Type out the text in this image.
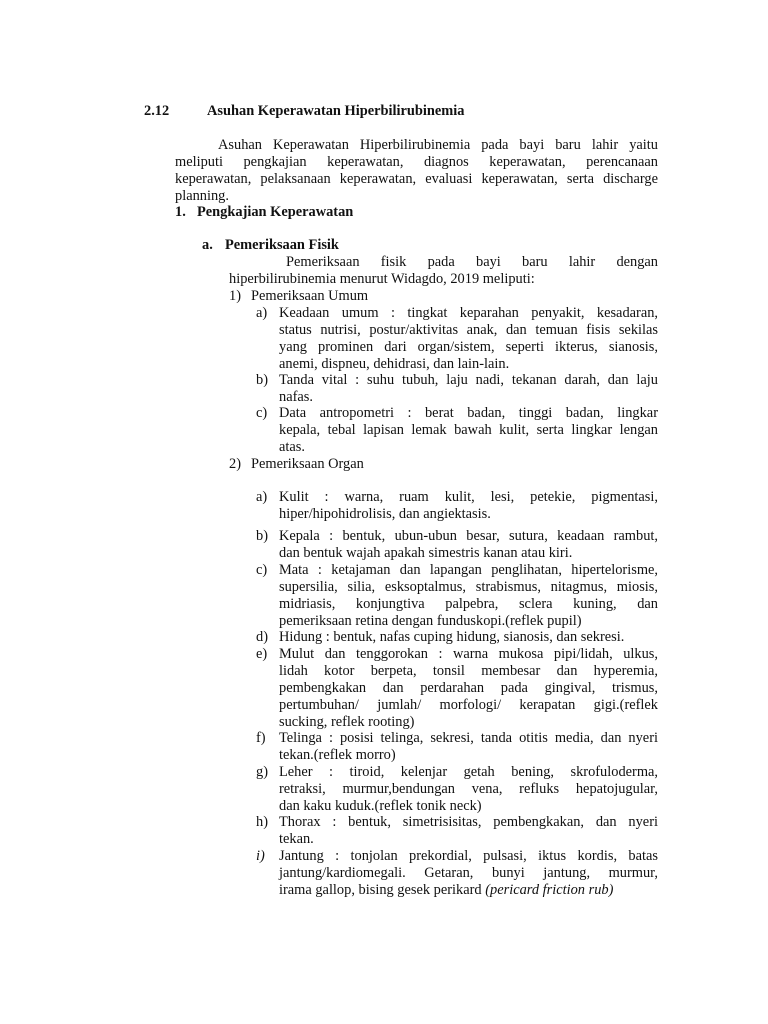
2.12	Asuhan Keperawatan Hiperbilirubinemia
Asuhan Keperawatan Hiperbilirubinemia pada bayi baru lahir yaitu
meliputi pengkajian keperawatan, diagnos keperawatan, perencanaan
keperawatan, pelaksanaan keperawatan, evaluasi keperawatan, serta discharge
planning.
1. Pengkajian Keperawatan
a. Pemeriksaan Fisik
Pemeriksaan fisik pada bayi baru lahir dengan
hiperbilirubinemia menurut Widagdo, 2019 meliputi:
1) Pemeriksaan Umum
a) Keadaan umum : tingkat keparahan penyakit, kesadaran,
status nutrisi, postur/aktivitas anak, dan temuan fisis sekilas
yang prominen dari organ/sistem, seperti ikterus, sianosis,
anemi, dispneu, dehidrasi, dan lain-lain.
b) Tanda vital : suhu tubuh, laju nadi, tekanan darah, dan laju
nafas.
c) Data antropometri : berat badan, tinggi badan, lingkar
kepala, tebal lapisan lemak bawah kulit, serta lingkar lengan
atas.
2) Pemeriksaan Organ
a) Kulit : warna, ruam kulit, lesi, petekie, pigmentasi,
hiper/hipohidrolisis, dan angiektasis.
b) Kepala : bentuk, ubun-ubun besar, sutura, keadaan rambut,
dan bentuk wajah apakah simestris kanan atau kiri.
c) Mata : ketajaman dan lapangan penglihatan, hipertelorisme,
supersilia, silia, esksoptalmus, strabismus, nitagmus, miosis,
midriasis, konjungtiva palpebra, sclera kuning, dan
pemeriksaan retina dengan funduskopi.(reflek pupil)
d) Hidung : bentuk, nafas cuping hidung, sianosis, dan sekresi.
e) Mulut dan tenggorokan : warna mukosa pipi/lidah, ulkus,
lidah kotor berpeta, tonsil membesar dan hyperemia,
pembengkakan dan perdarahan pada gingival, trismus,
pertumbuhan/ jumlah/ morfologi/ kerapatan gigi.(reflek
sucking, reflek rooting)
f) Telinga : posisi telinga, sekresi, tanda otitis media, dan nyeri
tekan.(reflek morro)
g) Leher : tiroid, kelenjar getah bening, skrofuloderma,
retraksi, murmur,bendungan vena, refluks hepatojugular,
dan kaku kuduk.(reflek tonik neck)
h) Thorax : bentuk, simetrisisitas, pembengkakan, dan nyeri
tekan.
i) Jantung : tonjolan prekordial, pulsasi, iktus kordis, batas
jantung/kardiomegali. Getaran, bunyi jantung, murmur,
irama gallop, bising gesek perikard (pericard friction rub)
